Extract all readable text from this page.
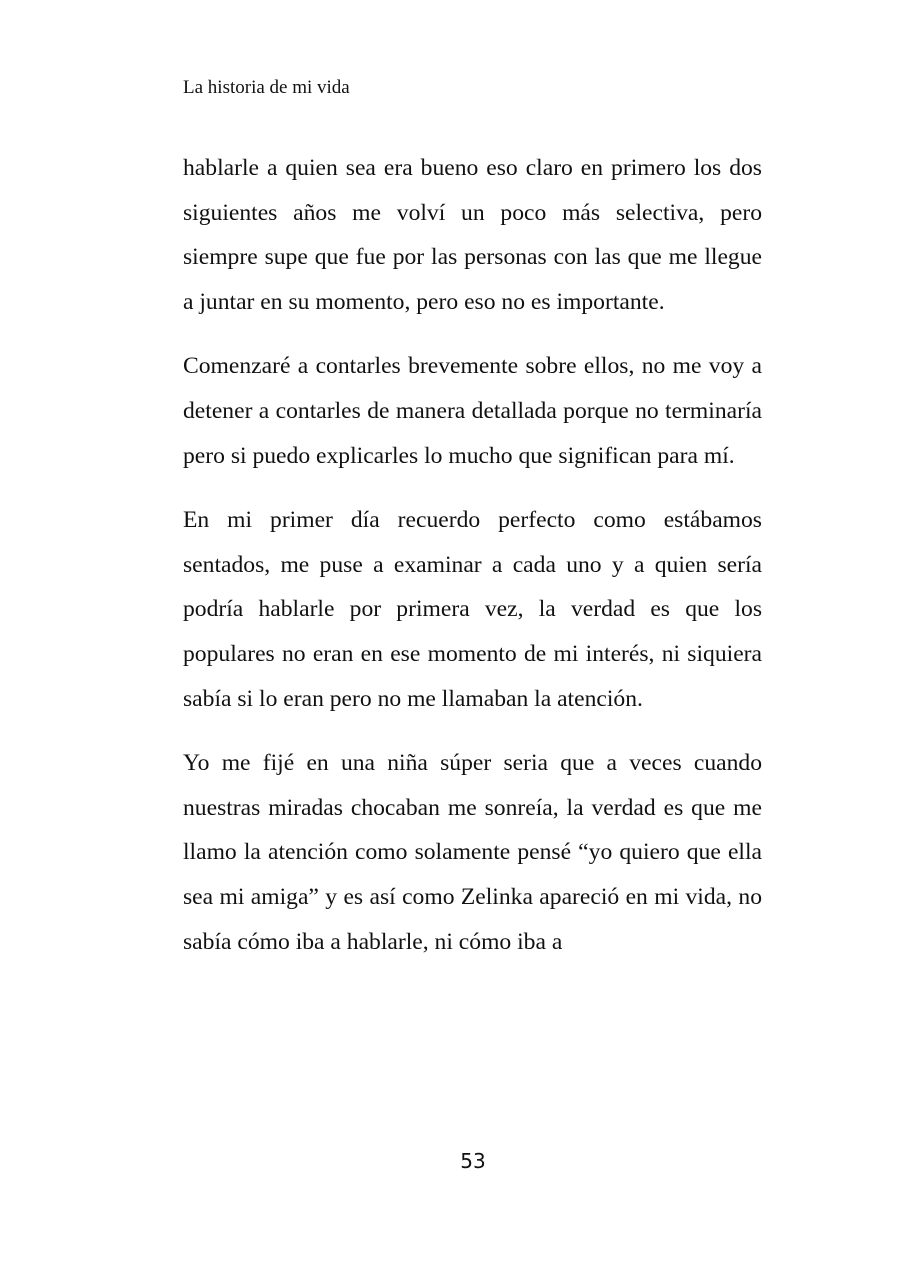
La historia de mi vida

hablarle a quien sea era bueno eso claro en primero los dos siguientes años me volví un poco más selectiva, pero siempre supe que fue por las personas con las que me llegue a juntar en su momento, pero eso no es importante.

Comenzaré a contarles brevemente sobre ellos, no me voy a detener a contarles de manera detallada porque no terminaría pero si puedo explicarles lo mucho que significan para mí.

En mi primer día recuerdo perfecto como estábamos sentados, me puse a examinar a cada uno y a quien sería podría hablarle por primera vez, la verdad es que los populares no eran en ese momento de mi interés, ni siquiera sabía si lo eran pero no me llamaban la atención.

Yo me fijé en una niña súper seria que a veces cuando nuestras miradas chocaban me sonreía, la verdad es que me llamo la atención como solamente pensé “yo quiero que ella sea mi amiga” y es así como Zelinka apareció en mi vida, no sabía cómo iba a hablarle, ni cómo iba a

53
